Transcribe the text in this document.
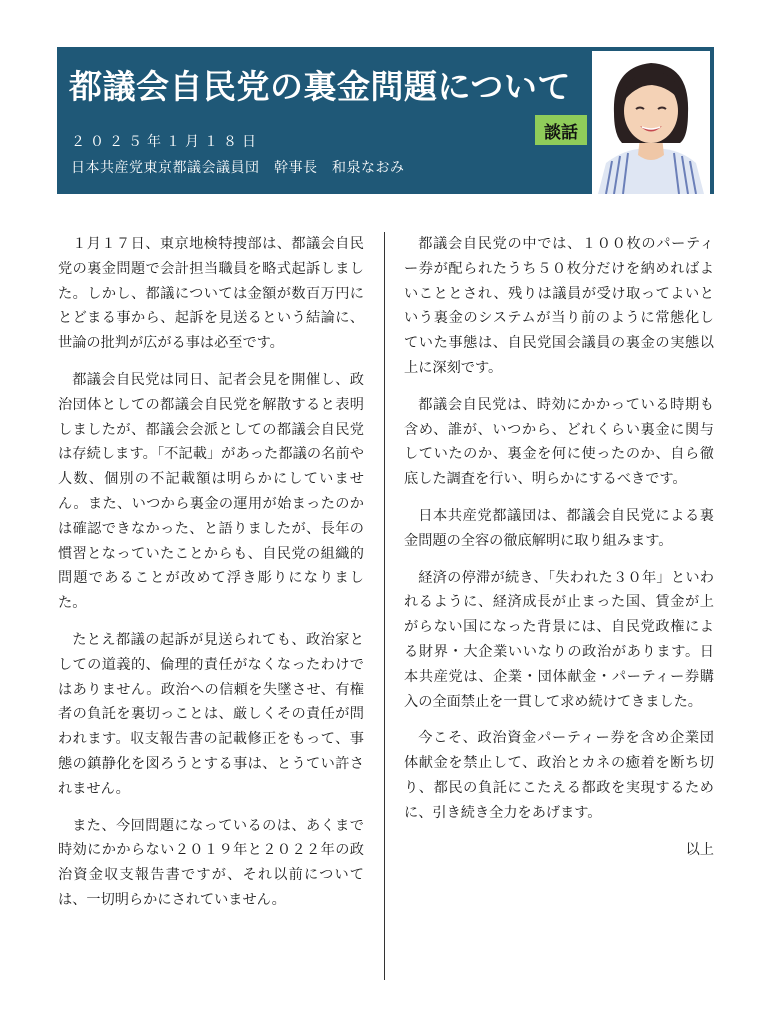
都議会自民党の裏金問題について
２０２５年１月１８日
日本共産党東京都議会議員団　幹事長　和泉なおみ
談話

１月１７日、東京地検特捜部は、都議会自民党の裏金問題で会計担当職員を略式起訴しました。しかし、都議については金額が数百万円にとどまる事から、起訴を見送るという結論に、世論の批判が広がる事は必至です。

都議会自民党は同日、記者会見を開催し、政治団体としての都議会自民党を解散すると表明しましたが、都議会会派としての都議会自民党は存続します。「不記載」があった都議の名前や人数、個別の不記載額は明らかにしていません。また、いつから裏金の運用が始まったのかは確認できなかった、と語りましたが、長年の慣習となっていたことからも、自民党の組織的問題であることが改めて浮き彫りになりました。

たとえ都議の起訴が見送られても、政治家としての道義的、倫理的責任がなくなったわけではありません。政治への信頼を失墜させ、有権者の負託を裏切っことは、厳しくその責任が問われます。収支報告書の記載修正をもって、事態の鎮静化を図ろうとする事は、とうてい許されません。

また、今回問題になっているのは、あくまで時効にかからない２０１９年と２０２２年の政治資金収支報告書ですが、それ以前については、一切明らかにされていません。

都議会自民党の中では、１００枚のパーティー券が配られたうち５０枚分だけを納めればよいこととされ、残りは議員が受け取ってよいという裏金のシステムが当り前のように常態化していた事態は、自民党国会議員の裏金の実態以上に深刻です。

都議会自民党は、時効にかかっている時期も含め、誰が、いつから、どれくらい裏金に関与していたのか、裏金を何に使ったのか、自ら徹底した調査を行い、明らかにするべきです。

日本共産党都議団は、都議会自民党による裏金問題の全容の徹底解明に取り組みます。

経済の停滞が続き、「失われた３０年」といわれるように、経済成長が止まった国、賃金が上がらない国になった背景には、自民党政権による財界・大企業いいなりの政治があります。日本共産党は、企業・団体献金・パーティー券購入の全面禁止を一貫して求め続けてきました。

今こそ、政治資金パーティー券を含め企業団体献金を禁止して、政治とカネの癒着を断ち切り、都民の負託にこたえる都政を実現するために、引き続き全力をあげます。

以上
